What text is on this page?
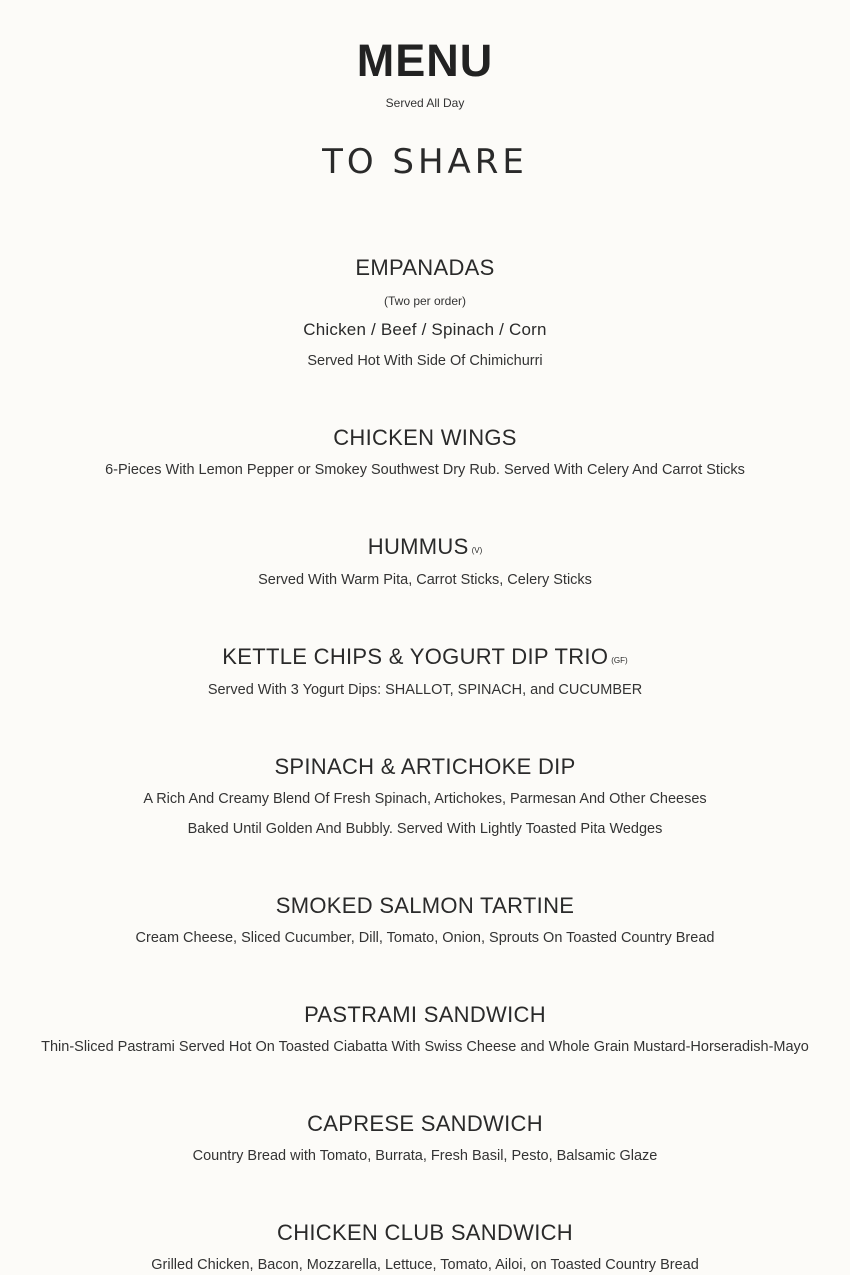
MENU
Served All Day
TO SHARE
EMPANADAS
(Two per order)
Chicken / Beef / Spinach / Corn
Served Hot With Side Of Chimichurri
CHICKEN WINGS
6-Pieces With Lemon Pepper or Smokey Southwest Dry Rub. Served With Celery And Carrot Sticks
HUMMUS (V)
Served With Warm Pita, Carrot Sticks, Celery Sticks
KETTLE CHIPS & YOGURT DIP TRIO (GF)
Served With 3 Yogurt Dips: SHALLOT, SPINACH, and CUCUMBER
SPINACH & ARTICHOKE DIP
A Rich And Creamy Blend Of Fresh Spinach, Artichokes, Parmesan And Other Cheeses
Baked Until Golden And Bubbly. Served With Lightly Toasted Pita Wedges
SMOKED SALMON TARTINE
Cream Cheese, Sliced Cucumber, Dill, Tomato, Onion, Sprouts On Toasted Country Bread
PASTRAMI SANDWICH
Thin-Sliced Pastrami Served Hot On Toasted Ciabatta With Swiss Cheese and Whole Grain Mustard-Horseradish-Mayo
CAPRESE SANDWICH
Country Bread with Tomato, Burrata, Fresh Basil, Pesto, Balsamic Glaze
CHICKEN CLUB SANDWICH
Grilled Chicken, Bacon, Mozzarella, Lettuce, Tomato, Ailoi, on Toasted Country Bread
